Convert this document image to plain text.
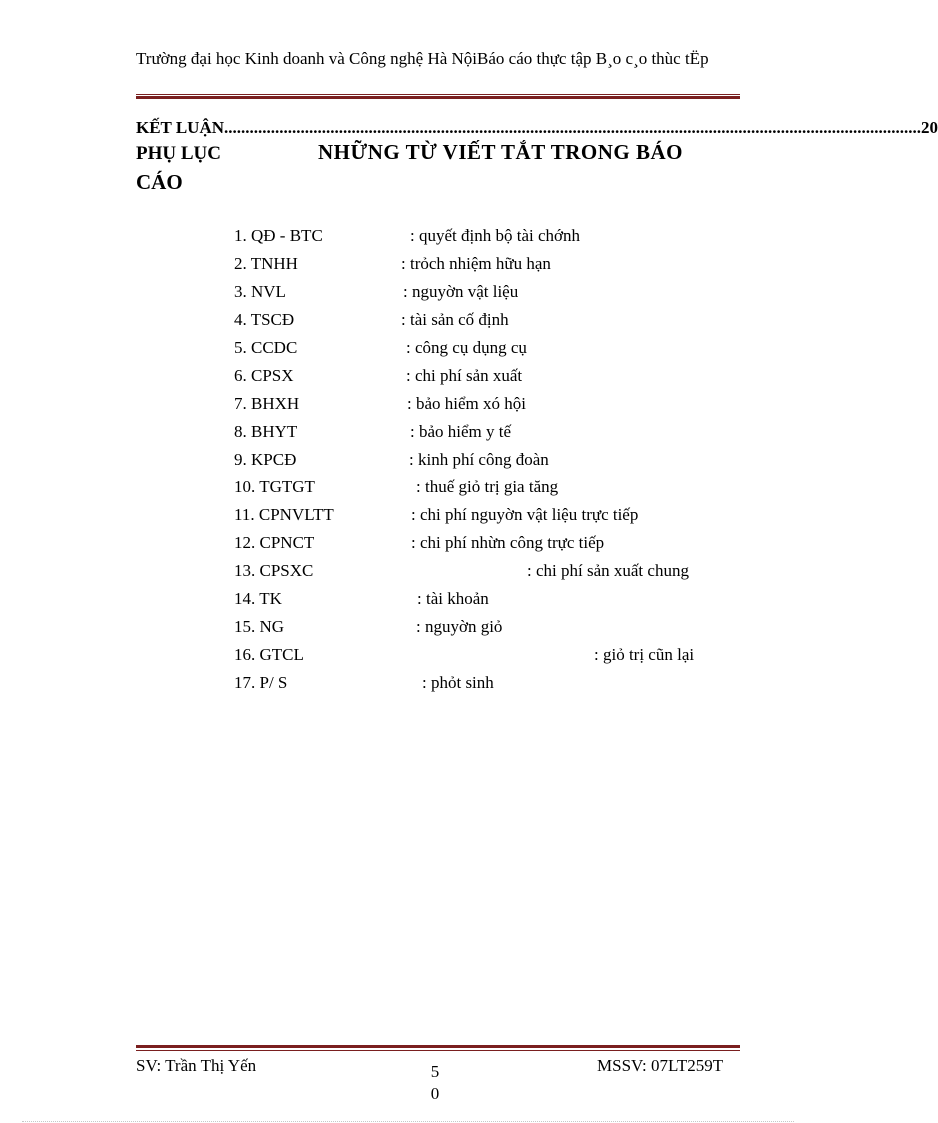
Trường đại học Kinh doanh và Công nghệ Hà NộiBáo cáo thực tập B¸o c¸o thùc tËp
KẾT LUẬN .................................................................................................................................................................... 20
PHỤ LỤC	NHỮNG TỪ VIẾT TẮT TRONG BÁO
CÁO
1. QĐ - BTC	: quyết định bộ tài chớnh
2. TNHH	: trỏch nhiệm hữu hạn
3. NVL	: nguyờn vật liệu
4. TSCĐ	: tài sản cố định
5. CCDC	: công cụ dụng cụ
6. CPSX	: chi phí sản xuất
7. BHXH	: bảo hiểm xó hội
8. BHYT	: bảo hiểm y tế
9. KPCĐ	: kinh phí công đoàn
10. TGTGT	: thuế giỏ trị gia tăng
11. CPNVLTT	: chi phí nguyờn vật liệu trực tiếp
12. CPNCT	: chi phí nhừn công trực tiếp
13. CPSXC	: chi phí sản xuất chung
14. TK	: tài khoản
15. NG	: nguyờn giỏ
16. GTCL	: giỏ trị cũn lại
17. P/ S	: phỏt sinh
SV: Trần Thị Yến	5
0
MSSV: 07LT259T
